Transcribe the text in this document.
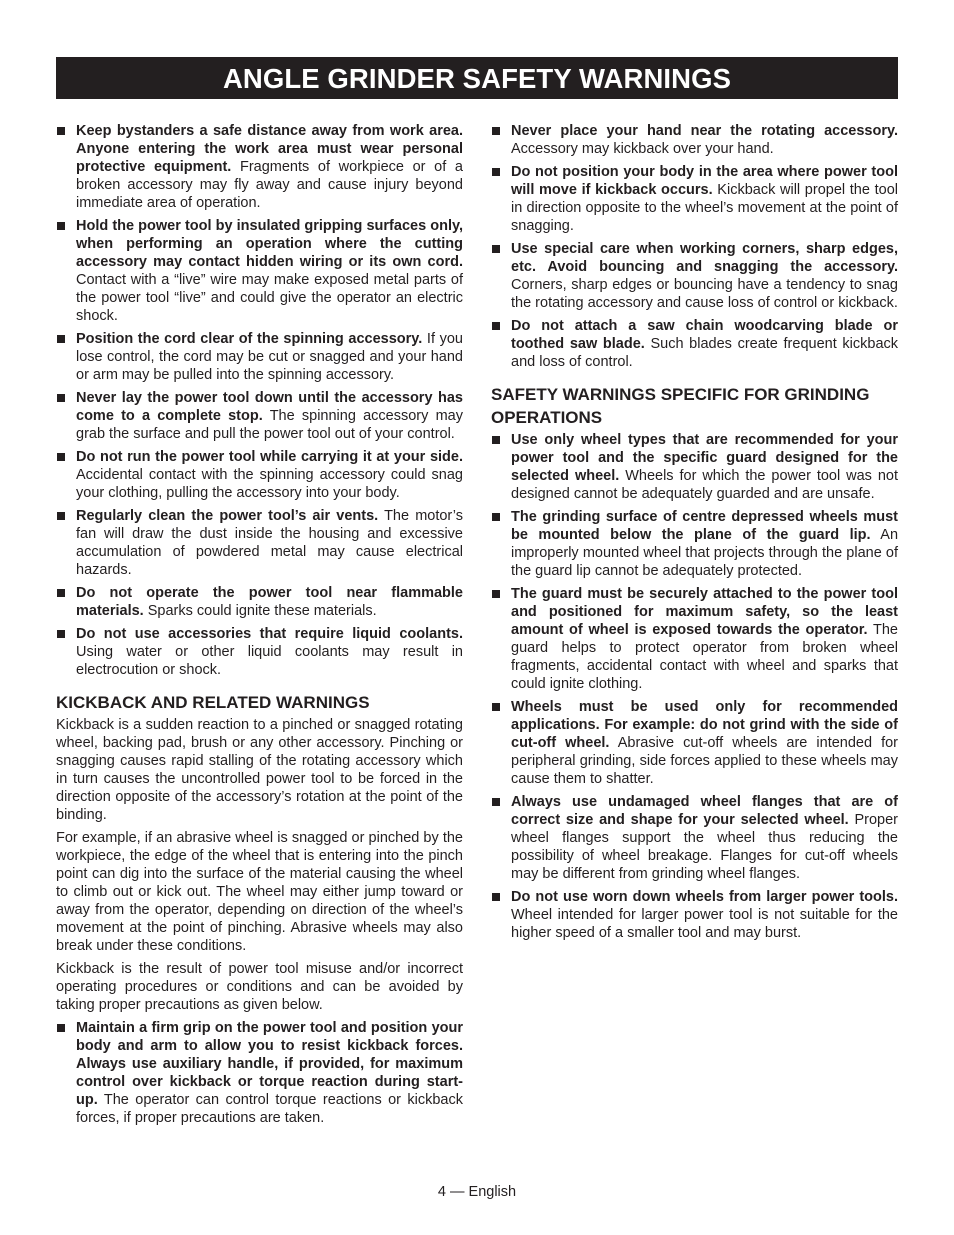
ANGLE GRINDER SAFETY WARNINGS
Keep bystanders a safe distance away from work area. Anyone entering the work area must wear personal protective equipment. Fragments of workpiece or of a broken accessory may fly away and cause injury beyond immediate area of operation.
Hold the power tool by insulated gripping surfaces only, when performing an operation where the cutting accessory may contact hidden wiring or its own cord. Contact with a “live” wire may make exposed metal parts of the power tool “live” and could give the operator an electric shock.
Position the cord clear of the spinning accessory. If you lose control, the cord may be cut or snagged and your hand or arm may be pulled into the spinning accessory.
Never lay the power tool down until the accessory has come to a complete stop. The spinning accessory may grab the surface and pull the power tool out of your control.
Do not run the power tool while carrying it at your side. Accidental contact with the spinning accessory could snag your clothing, pulling the accessory into your body.
Regularly clean the power tool’s air vents. The motor’s fan will draw the dust inside the housing and excessive accumulation of powdered metal may cause electrical hazards.
Do not operate the power tool near flammable materials. Sparks could ignite these materials.
Do not use accessories that require liquid coolants. Using water or other liquid coolants may result in electrocution or shock.
KICKBACK AND RELATED WARNINGS
Kickback is a sudden reaction to a pinched or snagged rotating wheel, backing pad, brush or any other accessory. Pinching or snagging causes rapid stalling of the rotating accessory which in turn causes the uncontrolled power tool to be forced in the direction opposite of the accessory’s rotation at the point of the binding.
For example, if an abrasive wheel is snagged or pinched by the workpiece, the edge of the wheel that is entering into the pinch point can dig into the surface of the material causing the wheel to climb out or kick out. The wheel may either jump toward or away from the operator, depending on direction of the wheel’s movement at the point of pinching. Abrasive wheels may also break under these conditions.
Kickback is the result of power tool misuse and/or incorrect operating procedures or conditions and can be avoided by taking proper precautions as given below.
Maintain a firm grip on the power tool and position your body and arm to allow you to resist kickback forces. Always use auxiliary handle, if provided, for maximum control over kickback or torque reaction during start-up. The operator can control torque reactions or kickback forces, if proper precautions are taken.
Never place your hand near the rotating accessory. Accessory may kickback over your hand.
Do not position your body in the area where power tool will move if kickback occurs. Kickback will propel the tool in direction opposite to the wheel’s movement at the point of snagging.
Use special care when working corners, sharp edges, etc. Avoid bouncing and snagging the accessory. Corners, sharp edges or bouncing have a tendency to snag the rotating accessory and cause loss of control or kickback.
Do not attach a saw chain woodcarving blade or toothed saw blade. Such blades create frequent kickback and loss of control.
SAFETY WARNINGS SPECIFIC FOR GRINDING OPERATIONS
Use only wheel types that are recommended for your power tool and the specific guard designed for the selected wheel. Wheels for which the power tool was not designed cannot be adequately guarded and are unsafe.
The grinding surface of centre depressed wheels must be mounted below the plane of the guard lip. An improperly mounted wheel that projects through the plane of the guard lip cannot be adequately protected.
The guard must be securely attached to the power tool and positioned for maximum safety, so the least amount of wheel is exposed towards the operator. The guard helps to protect operator from broken wheel fragments, accidental contact with wheel and sparks that could ignite clothing.
Wheels must be used only for recommended applications. For example: do not grind with the side of cut-off wheel. Abrasive cut-off wheels are intended for peripheral grinding, side forces applied to these wheels may cause them to shatter.
Always use undamaged wheel flanges that are of correct size and shape for your selected wheel. Proper wheel flanges support the wheel thus reducing the possibility of wheel breakage. Flanges for cut-off wheels may be different from grinding wheel flanges.
Do not use worn down wheels from larger power tools. Wheel intended for larger power tool is not suitable for the higher speed of a smaller tool and may burst.
4 — English
